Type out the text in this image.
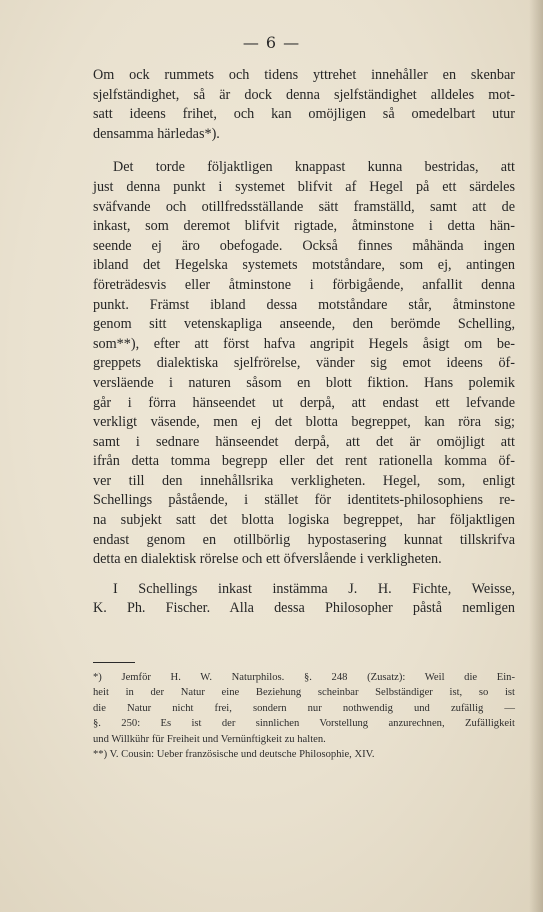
— 6 —

Om ock rummets och tidens yttrehet innehåller en skenbar
sjelfständighet, så är dock denna sjelfständighet alldeles mot-
satt ideens frihet, och kan omöjligen så omedelbart utur
densamma härledas*).

Det torde följaktligen knappast kunna bestridas, att
just denna punkt i systemet blifvit af Hegel på ett särdeles
sväfvande och otillfredsställande sätt framställd, samt att de
inkast, som deremot blifvit rigtade, åtminstone i detta hän-
seende ej äro obefogade. Också finnes måhända ingen
ibland det Hegelska systemets motståndare, som ej, antingen
företrädesvis eller åtminstone i förbigående, anfallit denna
punkt. Främst ibland dessa motståndare står, åtminstone
genom sitt vetenskapliga anseende, den berömde Schelling,
som**), efter att först hafva angripit Hegels åsigt om be-
greppets dialektiska sjelfrörelse, vänder sig emot ideens öf-
versläende i naturen såsom en blott fiktion. Hans polemik
går i förra hänseendet ut derpå, att endast ett lefvande
verkligt väsende, men ej det blotta begreppet, kan röra sig;
samt i sednare hänseendet derpå, att det är omöjligt att
ifrån detta tomma begrepp eller det rent rationella komma öf-
ver till den innehållsrika verkligheten. Hegel, som, enligt
Schellings påstående, i stället för identitets-philosophiens re-
na subjekt satt det blotta logiska begreppet, har följaktligen
endast genom en otillbörlig hypostasering kunnat tillskrifva
detta en dialektisk rörelse och ett öfverslående i verkligheten.

I Schellings inkast instämma J. H. Fichte, Weisse,
K. Ph. Fischer. Alla dessa Philosopher påstå nemligen

*) Jemför H. W. Naturphilos. §. 248 (Zusatz): Weil die Ein-
heit in der Natur eine Beziehung scheinbar Selbständiger ist, so ist
die Natur nicht frei, sondern nur nothwendig und zufällig —
§. 250: Es ist der sinnlichen Vorstellung anzurechnen, Zufälligkeit
und Willkühr für Freiheit und Vernünftigkeit zu halten.
**) V. Cousin: Ueber französische und deutsche Philosophie, XIV.
